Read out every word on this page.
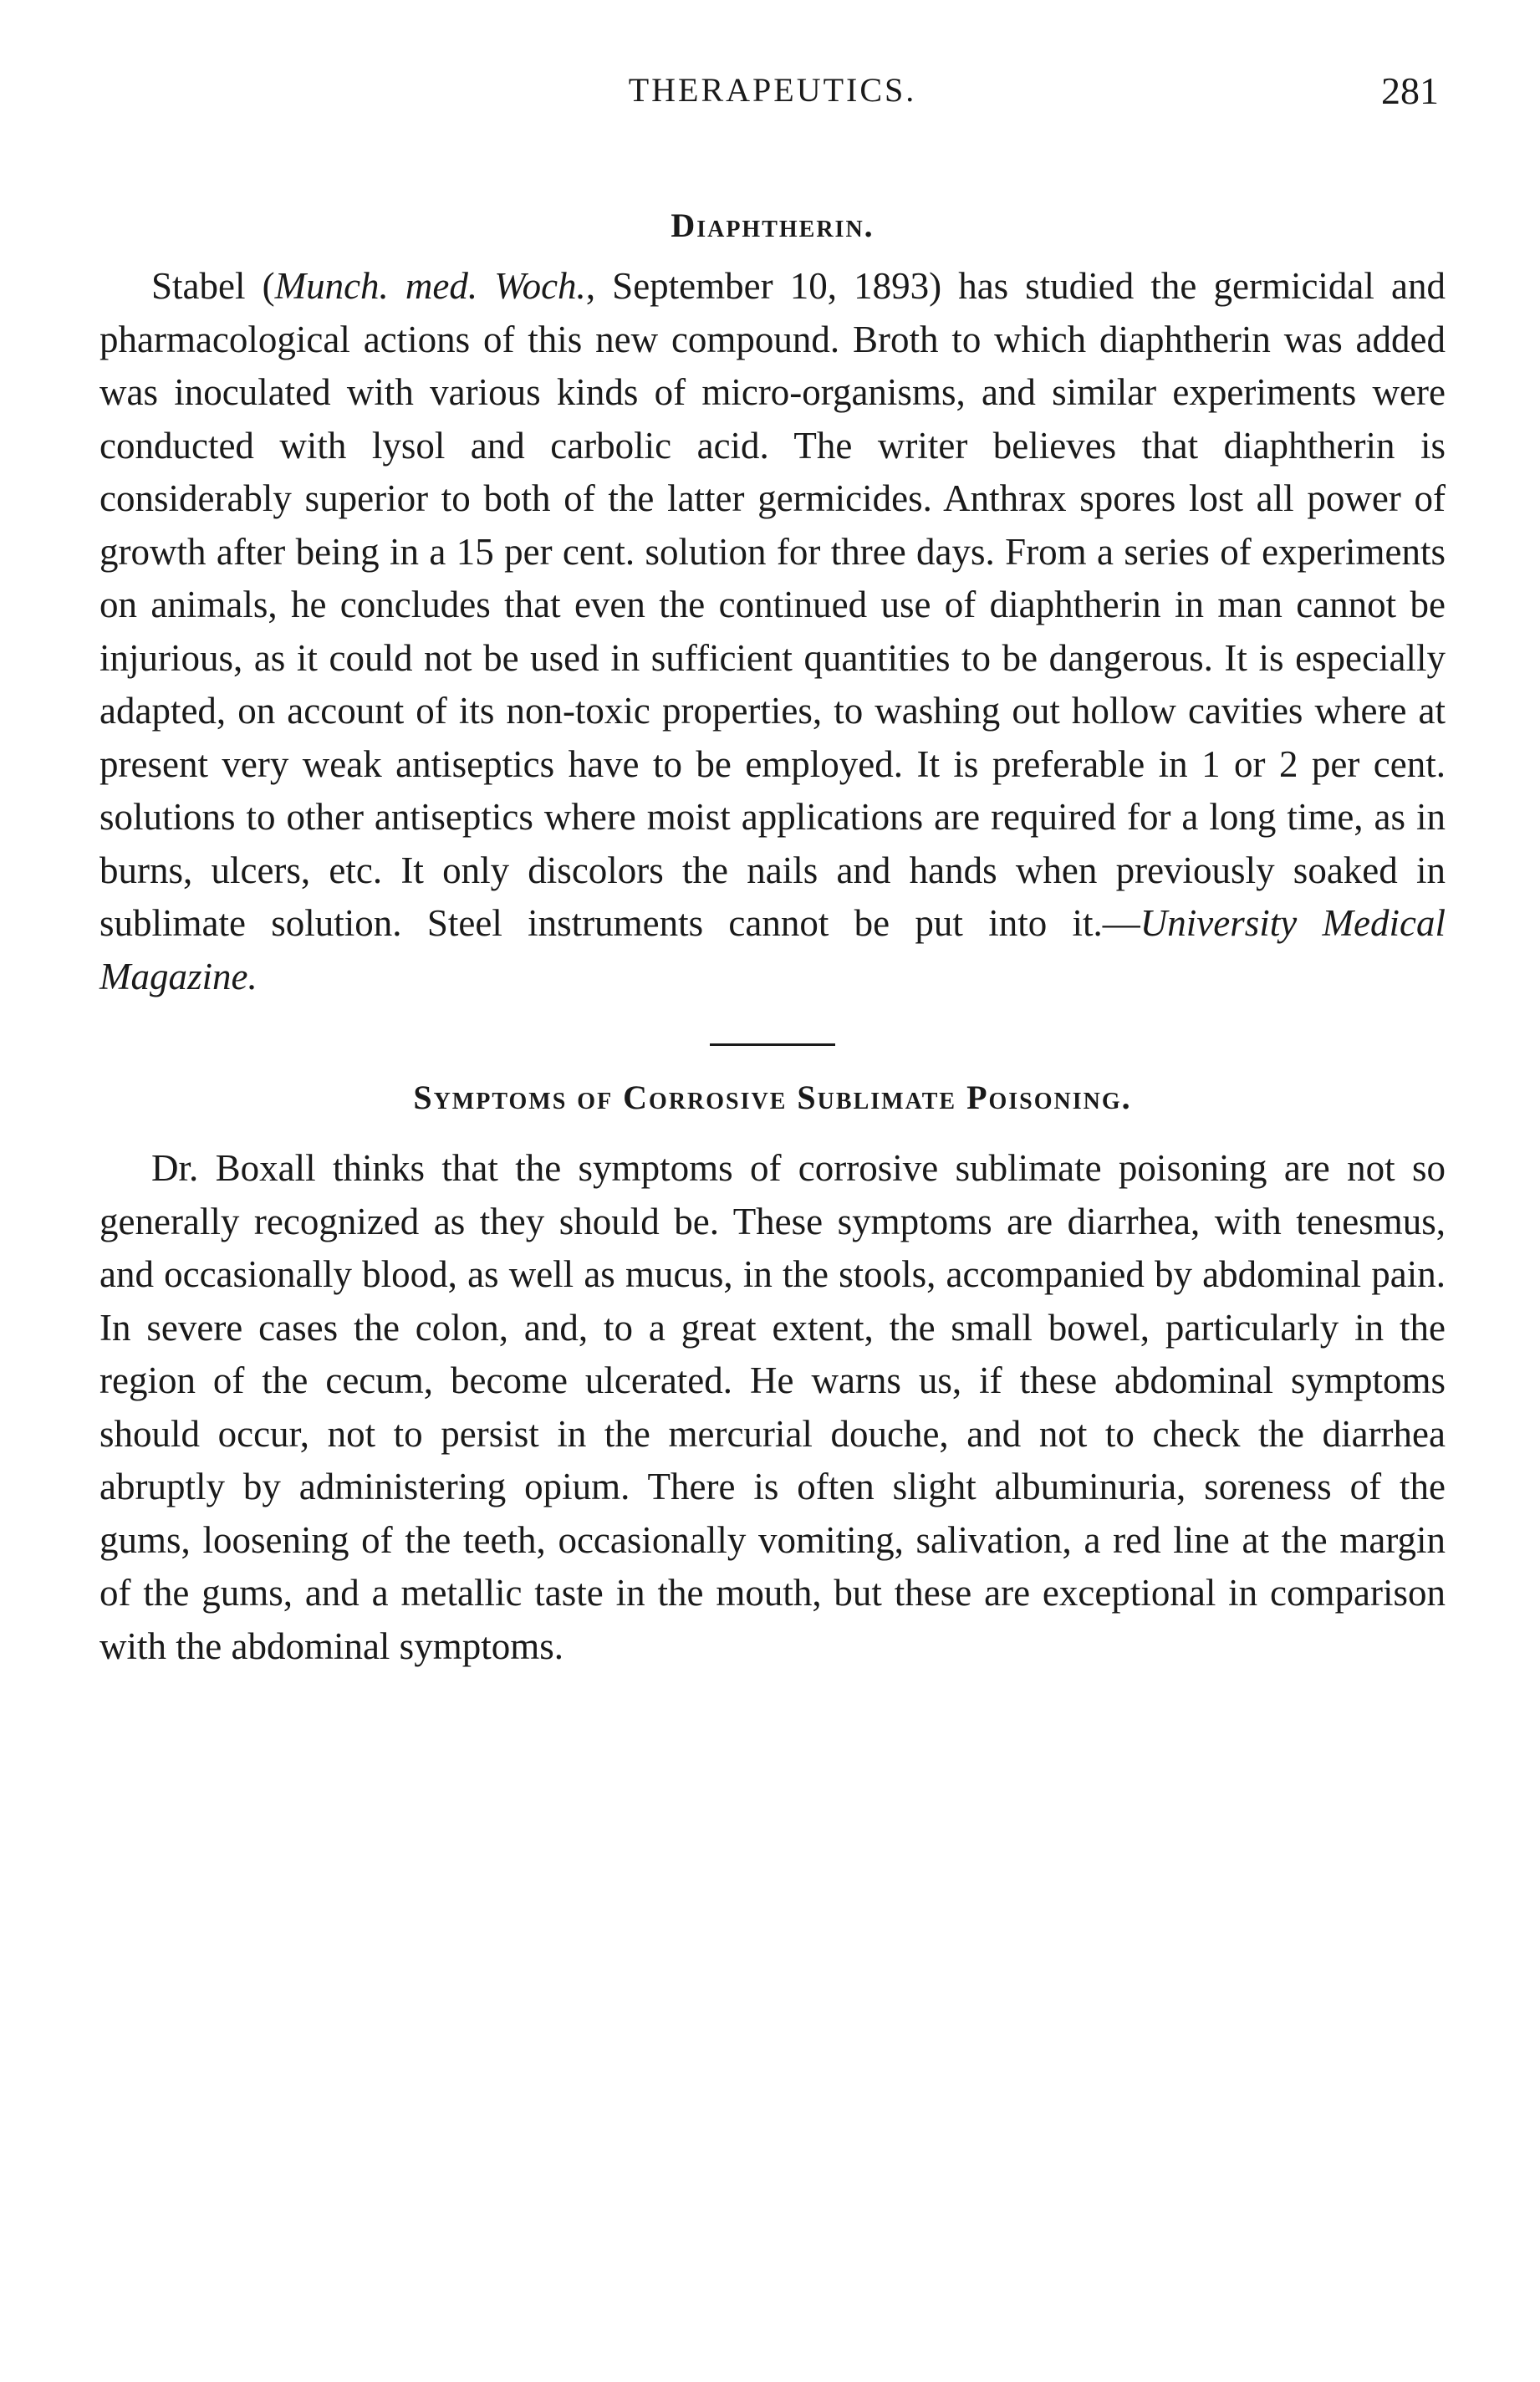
THERAPEUTICS.	281
Diaphtherin.

Stabel (Munch. med. Woch., September 10, 1893) has studied the germicidal and pharmacological actions of this new compound. Broth to which diaphtherin was added was inoculated with various kinds of micro-organisms, and similar experiments were conducted with lysol and carbolic acid. The writer believes that diaphtherin is considerably superior to both of the latter germicides. Anthrax spores lost all power of growth after being in a 15 per cent. solution for three days. From a series of experiments on animals, he concludes that even the continued use of diaphtherin in man cannot be injurious, as it could not be used in sufficient quantities to be dangerous. It is especially adapted, on account of its non-toxic properties, to washing out hollow cavities where at present very weak antiseptics have to be employed. It is preferable in 1 or 2 per cent. solutions to other antiseptics where moist applications are required for a long time, as in burns, ulcers, etc. It only discolors the nails and hands when previously soaked in sublimate solution. Steel instruments cannot be put into it.—University Medical Magazine.

Symptoms of Corrosive Sublimate Poisoning.

Dr. Boxall thinks that the symptoms of corrosive sublimate poisoning are not so generally recognized as they should be. These symptoms are diarrhea, with tenesmus, and occasionally blood, as well as mucus, in the stools, accompanied by abdominal pain. In severe cases the colon, and, to a great extent, the small bowel, particularly in the region of the cecum, become ulcerated. He warns us, if these abdominal symptoms should occur, not to persist in the mercurial douche, and not to check the diarrhea abruptly by administering opium. There is often slight albuminuria, soreness of the gums, loosening of the teeth, occasionally vomiting, salivation, a red line at the margin of the gums, and a metallic taste in the mouth, but these are exceptional in comparison with the abdominal symptoms.
